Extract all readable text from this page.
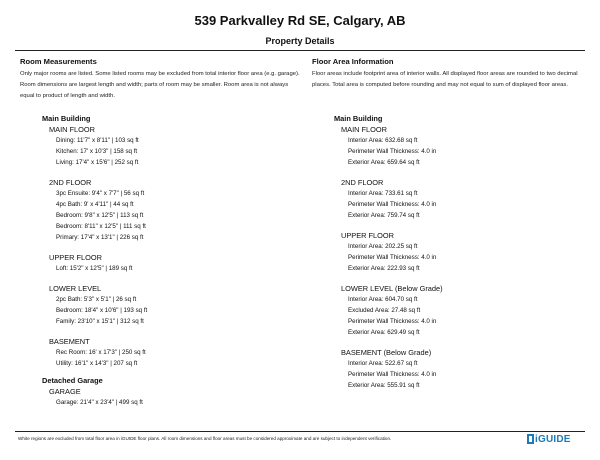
539 Parkvalley Rd SE, Calgary, AB
Property Details
Room Measurements
Only major rooms are listed. Some listed rooms may be excluded from total interior floor area (e.g. garage). Room dimensions are largest length and width; parts of room may be smaller. Room area is not always equal to product of length and width.
Floor Area Information
Floor areas include footprint area of interior walls. All displayed floor areas are rounded to two decimal places. Total area is computed before rounding and may not equal to sum of displayed floor areas.
Main Building
MAIN FLOOR
Dining: 11'7" x 8'11" | 103 sq ft
Kitchen: 17' x 10'3" | 158 sq ft
Living: 17'4" x 15'6" | 252 sq ft
2ND FLOOR
3pc Ensuite: 9'4" x 7'7" | 56 sq ft
4pc Bath: 9' x 4'11" | 44 sq ft
Bedroom: 9'8" x 12'5" | 113 sq ft
Bedroom: 8'11" x 12'5" | 111 sq ft
Primary: 17'4" x 13'1" | 226 sq ft
UPPER FLOOR
Loft: 15'2" x 12'5" | 189 sq ft
LOWER LEVEL
2pc Bath: 5'3" x 5'1" | 26 sq ft
Bedroom: 18'4" x 10'6" | 193 sq ft
Family: 23'10" x 15'1" | 312 sq ft
BASEMENT
Rec Room: 16' x 17'3" | 250 sq ft
Utility: 16'1" x 14'3" | 207 sq ft
Detached Garage
GARAGE
Garage: 21'4" x 23'4" | 499 sq ft
Main Building
MAIN FLOOR
Interior Area: 632.68 sq ft
Perimeter Wall Thickness: 4.0 in
Exterior Area: 659.64 sq ft
2ND FLOOR
Interior Area: 733.61 sq ft
Perimeter Wall Thickness: 4.0 in
Exterior Area: 759.74 sq ft
UPPER FLOOR
Interior Area: 202.25 sq ft
Perimeter Wall Thickness: 4.0 in
Exterior Area: 222.93 sq ft
LOWER LEVEL (Below Grade)
Interior Area: 604.70 sq ft
Excluded Area: 27.48 sq ft
Perimeter Wall Thickness: 4.0 in
Exterior Area: 629.49 sq ft
BASEMENT (Below Grade)
Interior Area: 522.67 sq ft
Perimeter Wall Thickness: 4.0 in
Exterior Area: 555.91 sq ft
White regions are excluded from total floor area in iGUIDE floor plans. All room dimensions and floor areas must be considered approximate and are subject to independent verification.	iGUIDE
